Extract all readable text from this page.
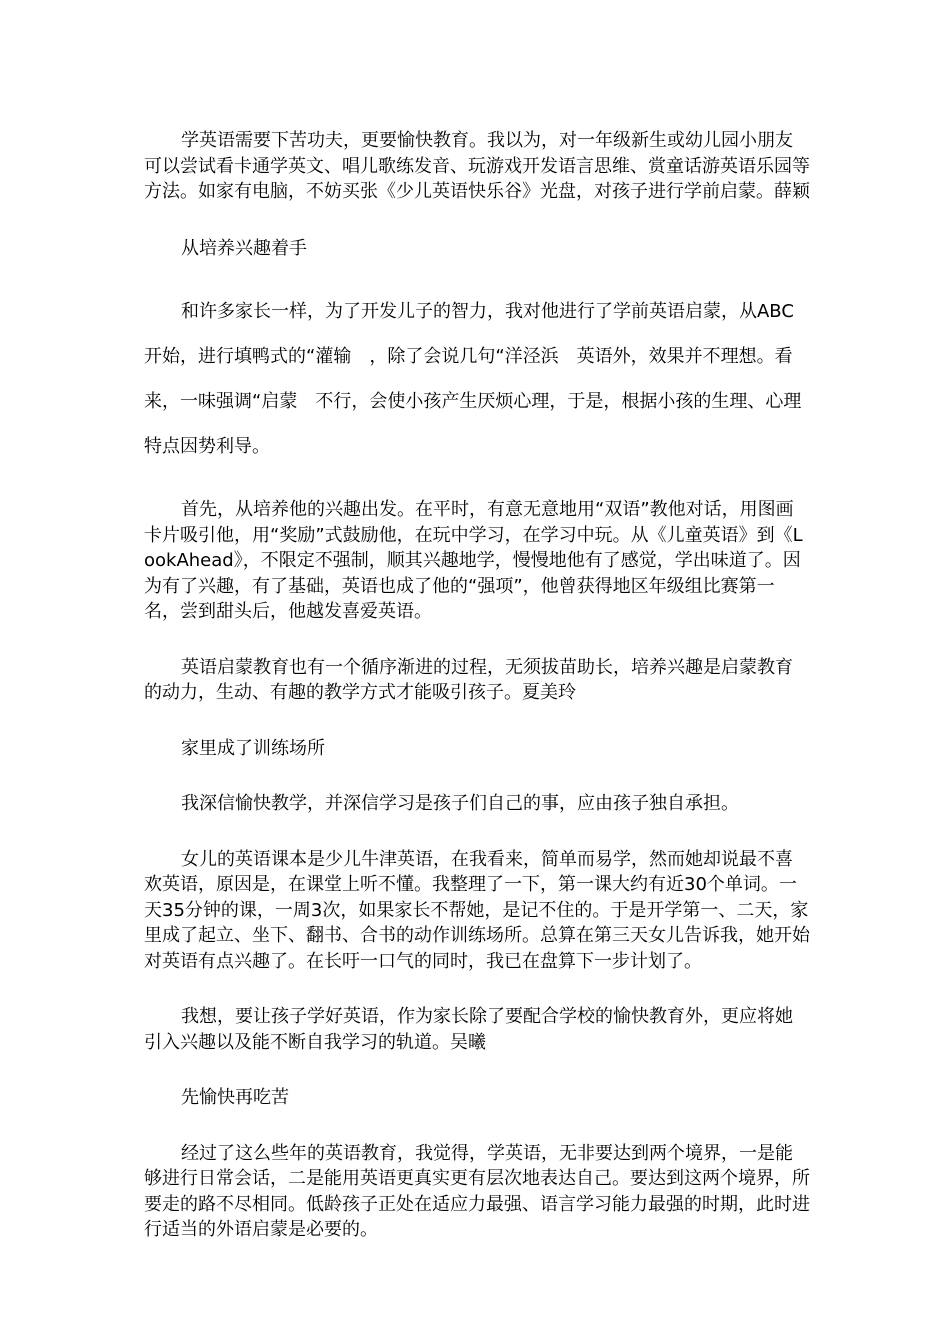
学英语需要下苦功夫，更要愉快教育。我以为，对一年级新生或幼儿园小朋友可以尝试看卡通学英文、唱儿歌练发音、玩游戏开发语言思维、赏童话游英语乐园等方法。如家有电脑，不妨买张《少儿英语快乐谷》光盘，对孩子进行学前启蒙。薛颖

从培养兴趣着手

和许多家长一样，为了开发儿子的智力，我对他进行了学前英语启蒙，从ABC开始，进行填鸭式的“灌输　，除了会说几句“洋泾浜　英语外，效果并不理想。看来，一味强调“启蒙　不行，会使小孩产生厌烦心理，于是，根据小孩的生理、心理特点因势利导。

首先，从培养他的兴趣出发。在平时，有意无意地用“双语”教他对话，用图画卡片吸引他，用“奖励”式鼓励他，在玩中学习，在学习中玩。从《儿童英语》到《LookAhead》，不限定不强制，顺其兴趣地学，慢慢地他有了感觉，学出味道了。因为有了兴趣，有了基础，英语也成了他的“强项”，他曾获得地区年级组比赛第一名，尝到甜头后，他越发喜爱英语。

英语启蒙教育也有一个循序渐进的过程，无须拔苗助长，培养兴趣是启蒙教育的动力，生动、有趣的教学方式才能吸引孩子。夏美玲

家里成了训练场所

我深信愉快教学，并深信学习是孩子们自己的事，应由孩子独自承担。

女儿的英语课本是少儿牛津英语，在我看来，简单而易学，然而她却说最不喜欢英语，原因是，在课堂上听不懂。我整理了一下，第一课大约有近30个单词。一天35分钟的课，一周3次，如果家长不帮她，是记不住的。于是开学第一、二天，家里成了起立、坐下、翻书、合书的动作训练场所。总算在第三天女儿告诉我，她开始对英语有点兴趣了。在长吁一口气的同时，我已在盘算下一步计划了。

我想，要让孩子学好英语，作为家长除了要配合学校的愉快教育外，更应将她引入兴趣以及能不断自我学习的轨道。吴曦

先愉快再吃苦

经过了这么些年的英语教育，我觉得，学英语，无非要达到两个境界，一是能够进行日常会话，二是能用英语更真实更有层次地表达自己。要达到这两个境界，所要走的路不尽相同。低龄孩子正处在适应力最强、语言学习能力最强的时期，此时进行适当的外语启蒙是必要的。
